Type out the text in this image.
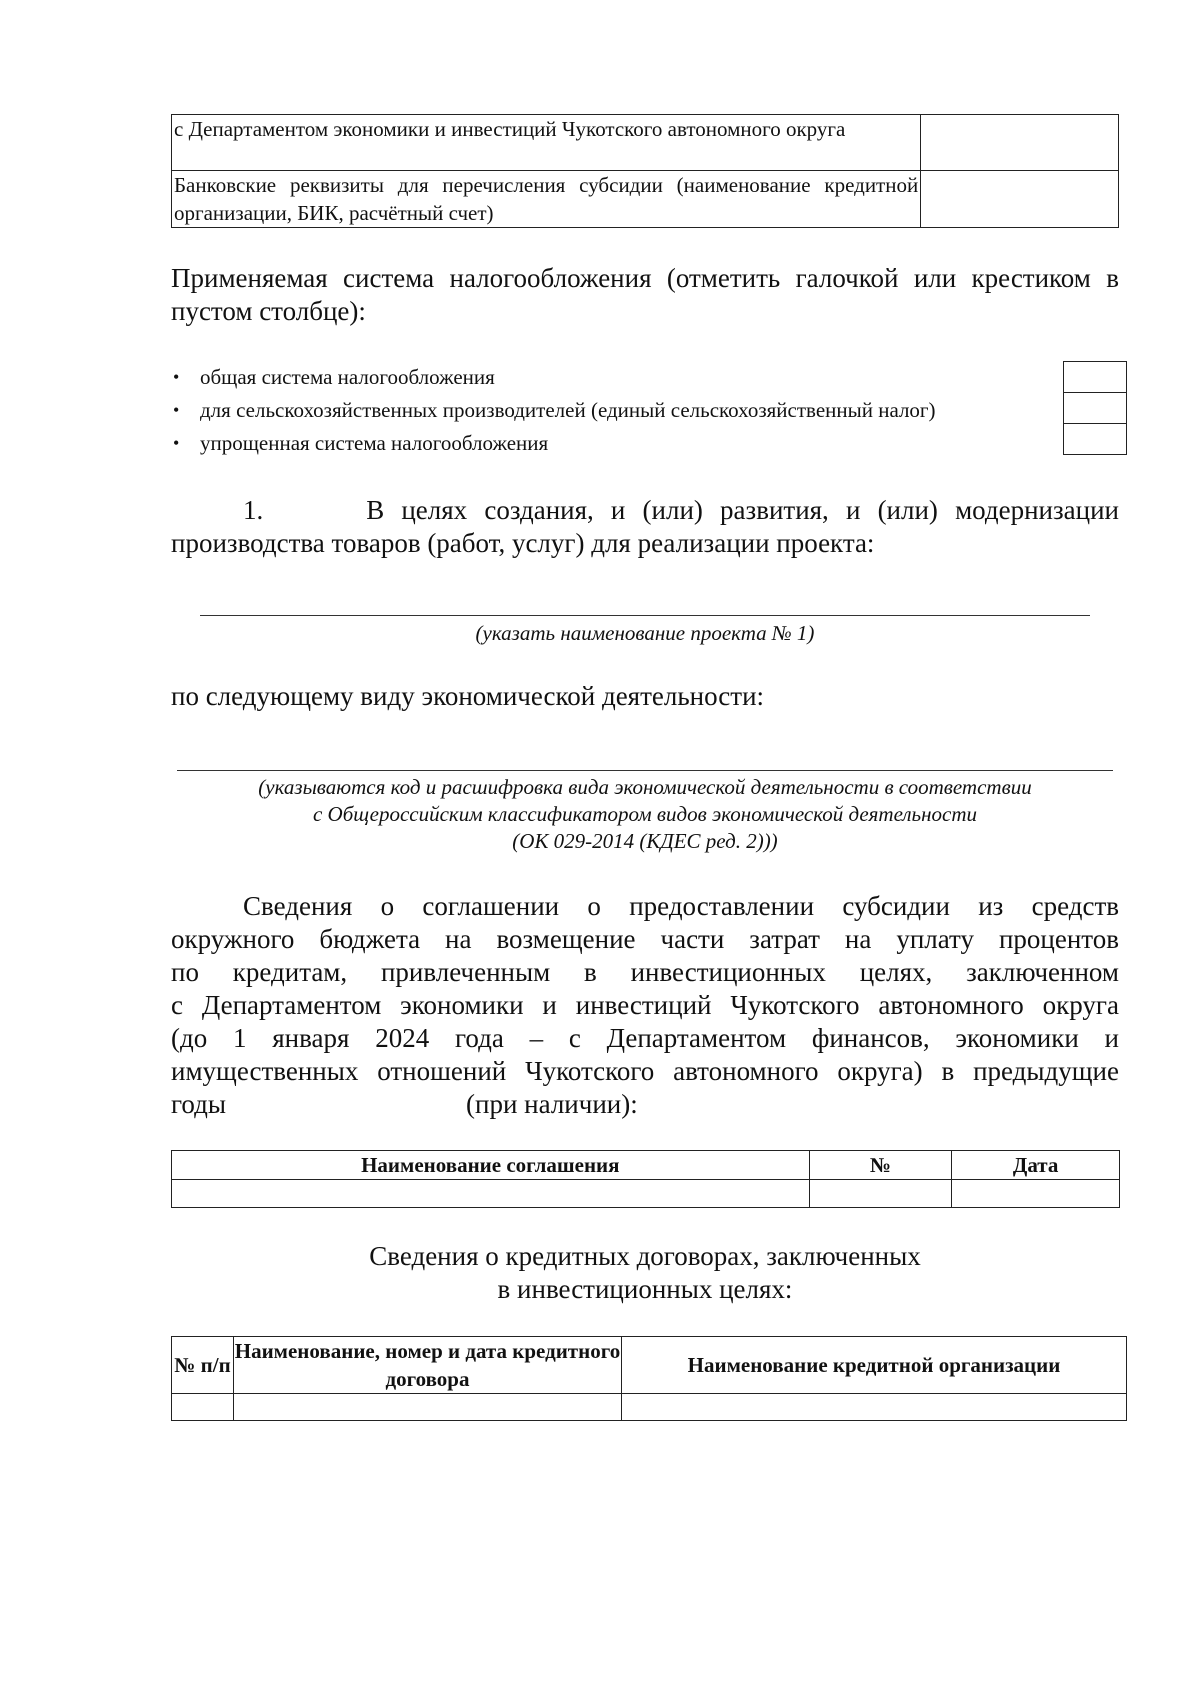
с Департаментом экономики и инвестиций Чукотского автономного округа	
Банковские реквизиты для перечисления субсидии (наименование кредитной организации, БИК, расчётный счет)	
Применяемая система налогообложения (отметить галочкой или крестиком в пустом столбце):
• общая система налогообложения
• для сельскохозяйственных производителей (единый сельскохозяйственный налог)
• упрощенная система налогообложения

1.	В целях создания, и (или) развития, и (или) модернизации
производства товаров (работ, услуг) для реализации проекта:
(указать наименование проекта № 1)
по следующему виду экономической деятельности:
(указываются код и расшифровка вида экономической деятельности в соответствии
с Общероссийским классификатором видов экономической деятельности
(ОК 029-2014 (КДЕС ред. 2)))
Сведения о соглашении о предоставлении субсидии из средств
окружного бюджета на возмещение части затрат на уплату процентов
по кредитам, привлеченным в инвестиционных целях, заключенном
с Департаментом экономики и инвестиций Чукотского автономного округа
(до 1 января 2024 года – с Департаментом финансов, экономики и
имущественных отношений Чукотского автономного округа) в предыдущие
годы	(при наличии):
Наименование соглашения	№	Дата

Сведения о кредитных договорах, заключенных
в инвестиционных целях:
№ п/п	Наименование, номер и дата кредитного договора	Наименование кредитной организации
